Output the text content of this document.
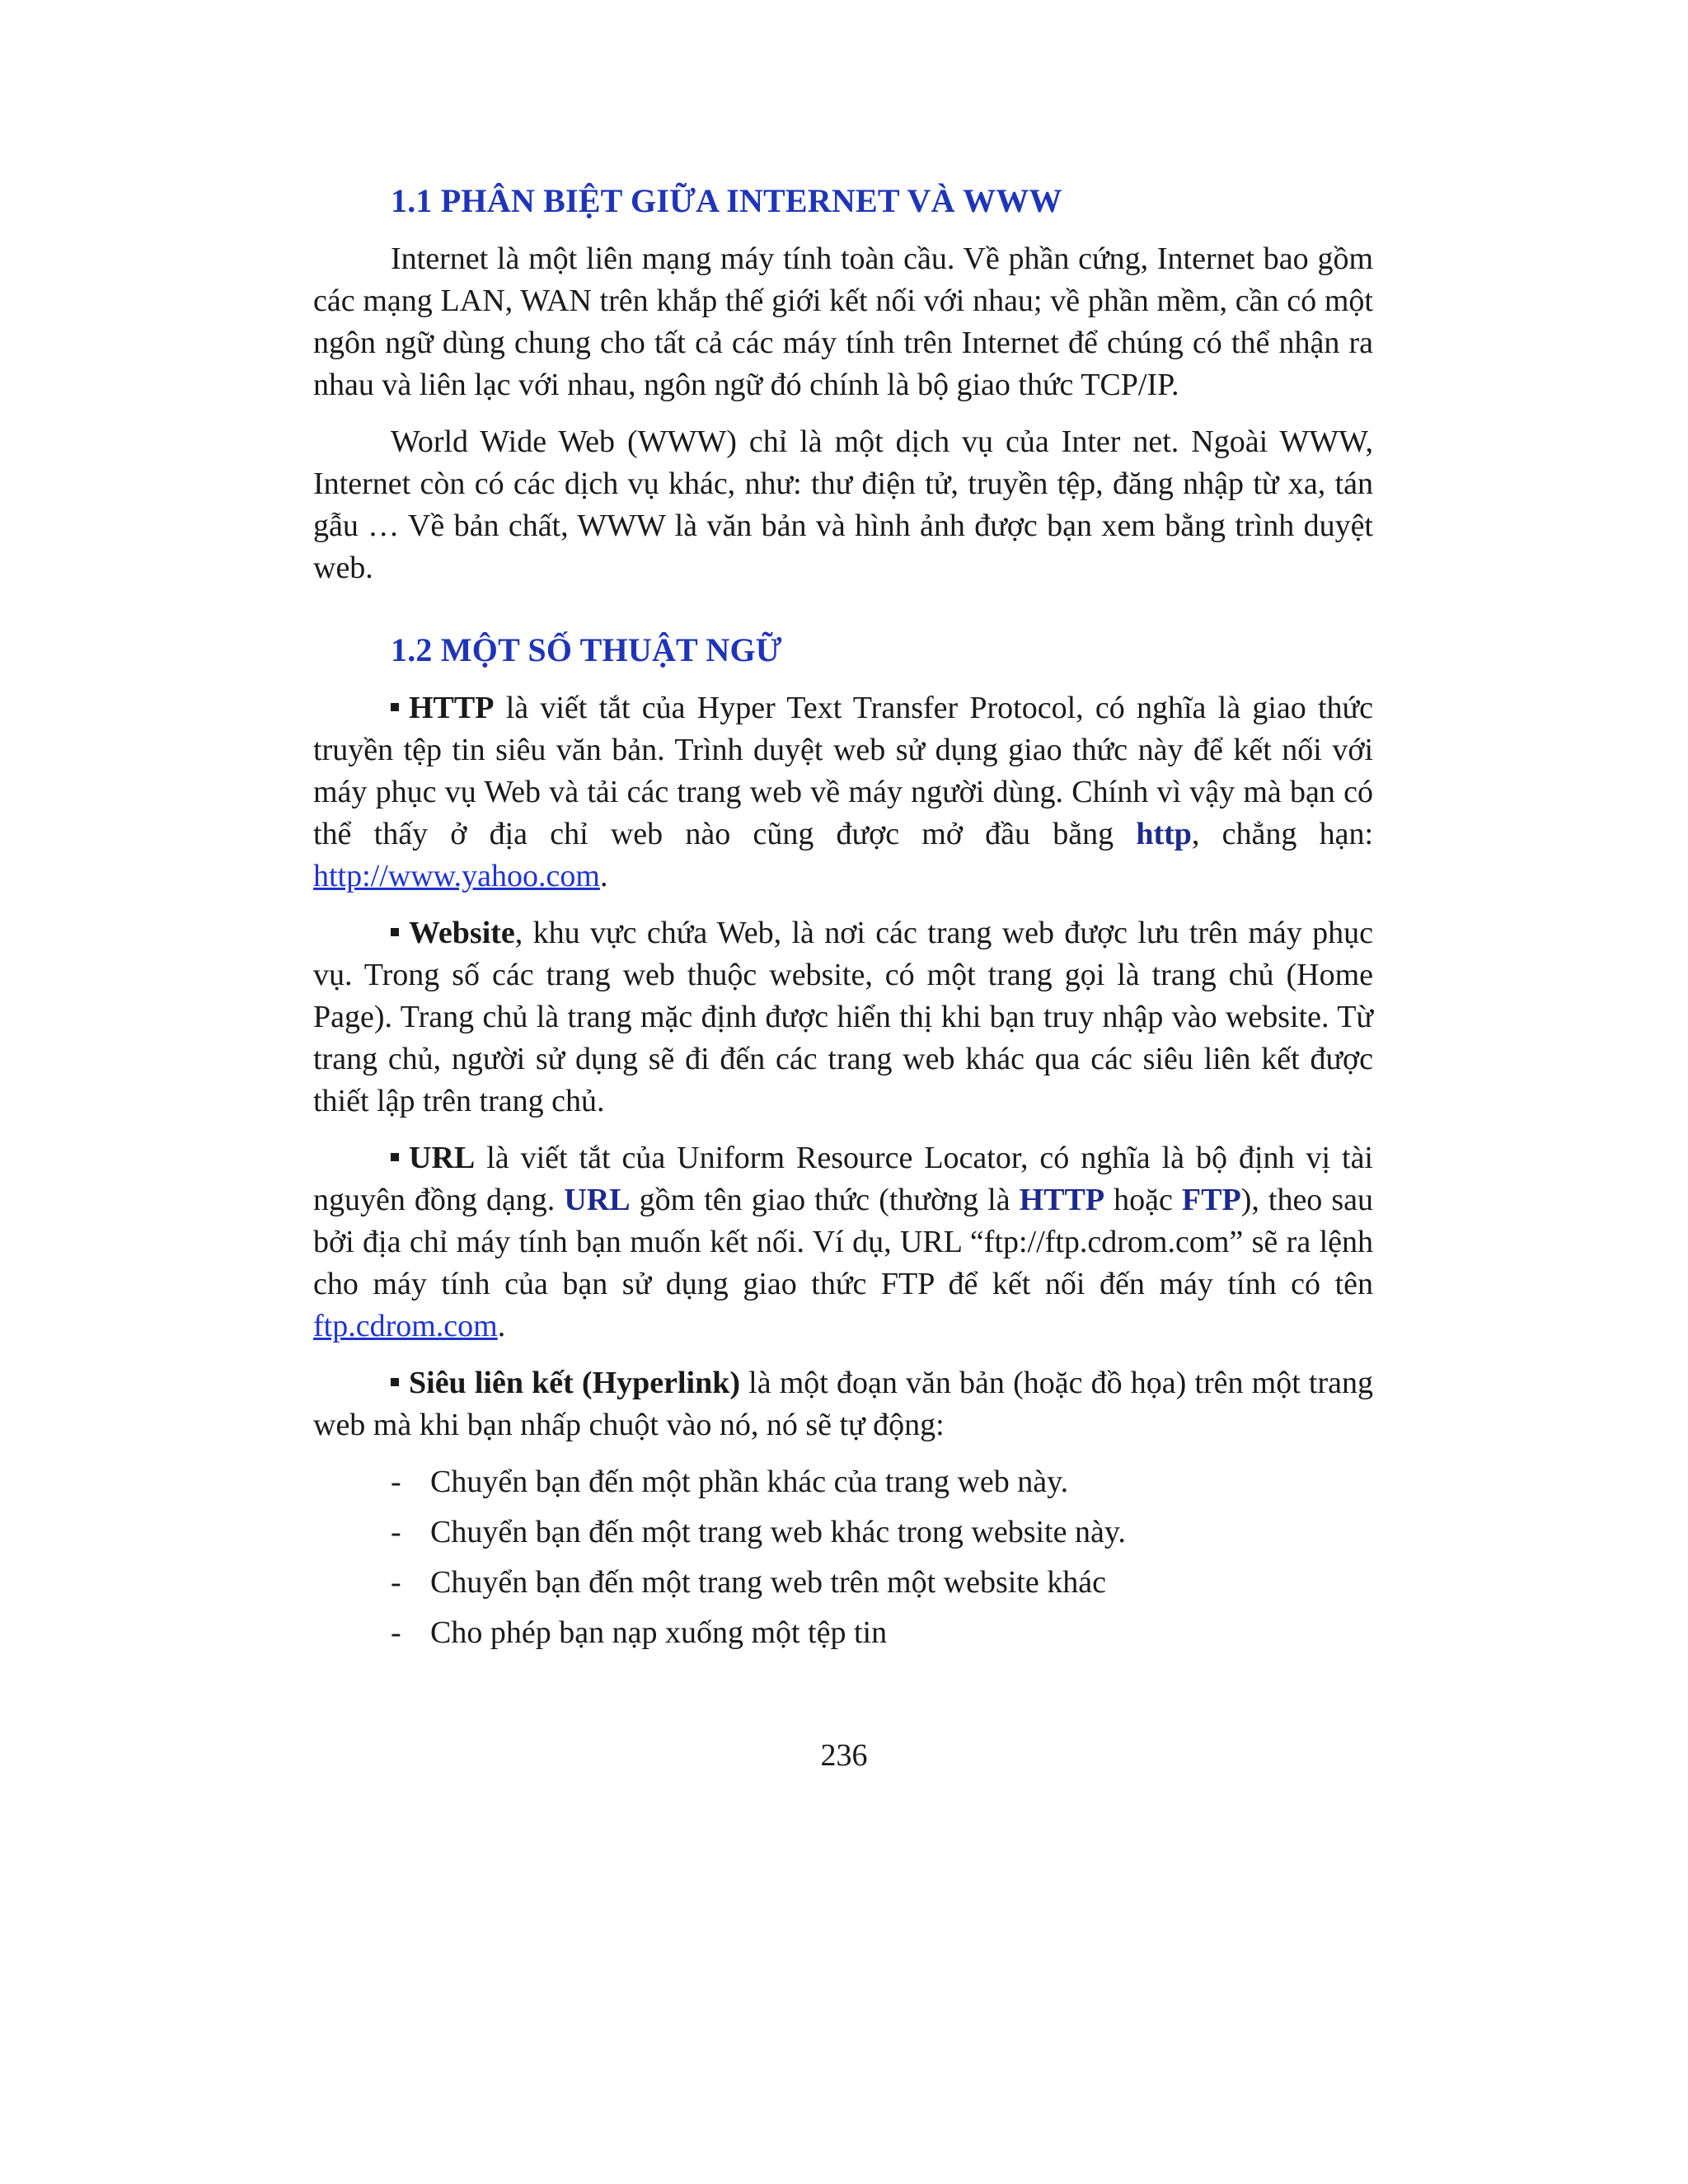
1.1 PHÂN BIỆT GIỮA INTERNET VÀ WWW

Internet là một liên mạng máy tính toàn cầu. Về phần cứng, Internet bao gồm các mạng LAN, WAN trên khắp thế giới kết nối với nhau; về phần mềm, cần có một ngôn ngữ dùng chung cho tất cả các máy tính trên Internet để chúng có thể nhận ra nhau và liên lạc với nhau, ngôn ngữ đó chính là bộ giao thức TCP/IP.

World Wide Web (WWW) chỉ là một dịch vụ của Inter net. Ngoài WWW, Internet còn có các dịch vụ khác, như: thư điện tử, truyền tệp, đăng nhập từ xa, tán gẫu … Về bản chất, WWW là văn bản và hình ảnh được bạn xem bằng trình duyệt web.

1.2 MỘT SỐ THUẬT NGỮ

HTTP là viết tắt của Hyper Text Transfer Protocol, có nghĩa là giao thức truyền tệp tin siêu văn bản. Trình duyệt web sử dụng giao thức này để kết nối với máy phục vụ Web và tải các trang web về máy người dùng. Chính vì vậy mà bạn có thể thấy ở địa chỉ web nào cũng được mở đầu bằng http, chẳng hạn: http://www.yahoo.com.

Website, khu vực chứa Web, là nơi các trang web được lưu trên máy phục vụ. Trong số các trang web thuộc website, có một trang gọi là trang chủ (Home Page). Trang chủ là trang mặc định được hiển thị khi bạn truy nhập vào website. Từ trang chủ, người sử dụng sẽ đi đến các trang web khác qua các siêu liên kết được thiết lập trên trang chủ.

URL là viết tắt của Uniform Resource Locator, có nghĩa là bộ định vị tài nguyên đồng dạng. URL gồm tên giao thức (thường là HTTP hoặc FTP), theo sau bởi địa chỉ máy tính bạn muốn kết nối. Ví dụ, URL “ftp://ftp.cdrom.com” sẽ ra lệnh cho máy tính của bạn sử dụng giao thức FTP để kết nối đến máy tính có tên ftp.cdrom.com.

Siêu liên kết (Hyperlink) là một đoạn văn bản (hoặc đồ họa) trên một trang web mà khi bạn nhấp chuột vào nó, nó sẽ tự động:

- Chuyển bạn đến một phần khác của trang web này.
- Chuyển bạn đến một trang web khác trong website này.
- Chuyển bạn đến một trang web trên một website khác
- Cho phép bạn nạp xuống một tệp tin
236
